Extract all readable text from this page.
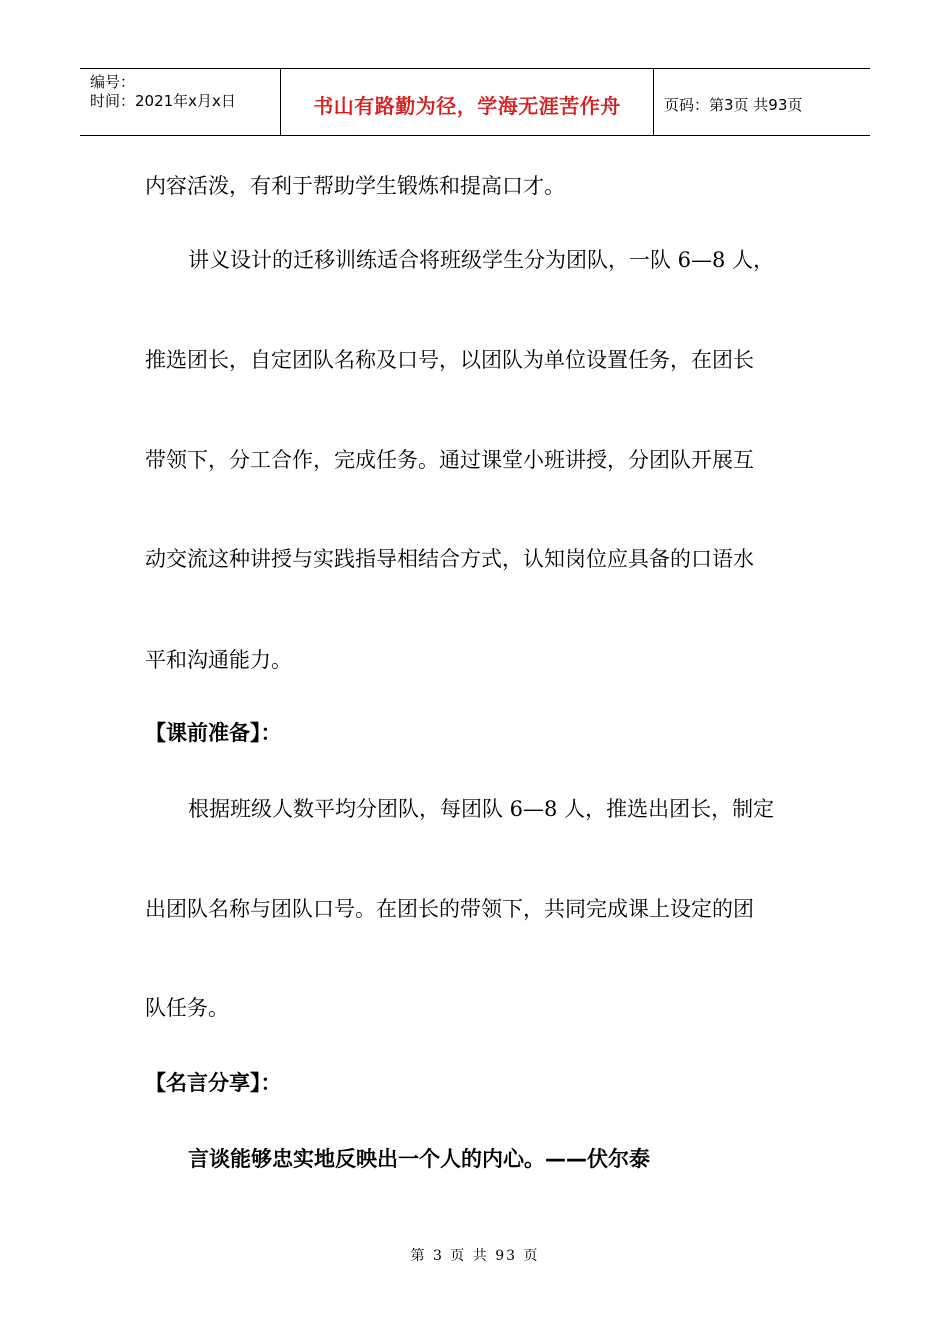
编号：
时间：2021年x月x日	书山有路勤为径，学海无涯苦作舟	页码：第3页 共93页
内容活泼，有利于帮助学生锻炼和提高口才。
讲义设计的迁移训练适合将班级学生分为团队，一队 6—8 人，
推选团长，自定团队名称及口号，以团队为单位设置任务，在团长
带领下，分工合作，完成任务。通过课堂小班讲授，分团队开展互
动交流这种讲授与实践指导相结合方式，认知岗位应具备的口语水
平和沟通能力。
【课前准备】：
根据班级人数平均分团队，每团队 6—8 人，推选出团长，制定
出团队名称与团队口号。在团长的带领下，共同完成课上设定的团
队任务。
【名言分享】：
言谈能够忠实地反映出一个人的内心。——伏尔泰
第 3 页 共 93 页
